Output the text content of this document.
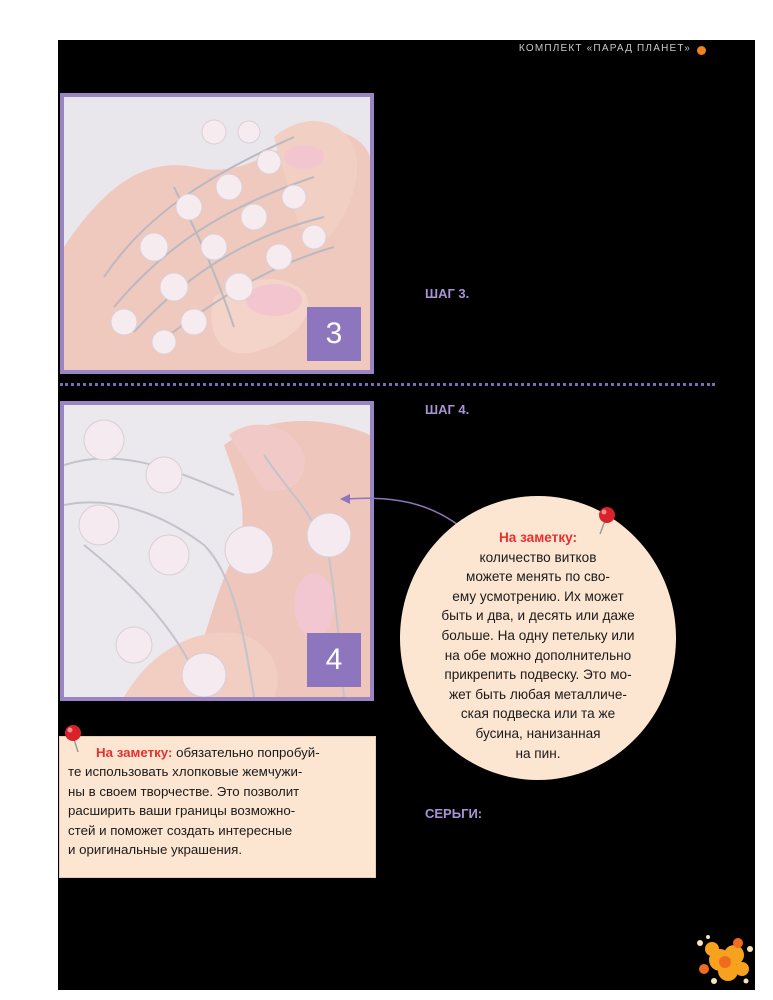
КОМПЛЕКТ «ПАРАД ПЛАНЕТ»
3
ШАГ 3.
4
ШАГ 4.
На заметку:
количество витков
можете менять по сво-
ему усмотрению. Их может
быть и два, и десять или даже
больше. На одну петельку или
на обе можно дополнительно
прикрепить подвеску. Это мо-
жет быть любая металличе-
ская подвеска или та же
бусина, нанизанная
на пин.
На заметку: обязательно попробуй-
те использовать хлопковые жемчужи-
ны в своем творчестве. Это позволит
расширить ваши границы возможно-
стей и поможет создать интересные
и оригинальные украшения.
СЕРЬГИ:
